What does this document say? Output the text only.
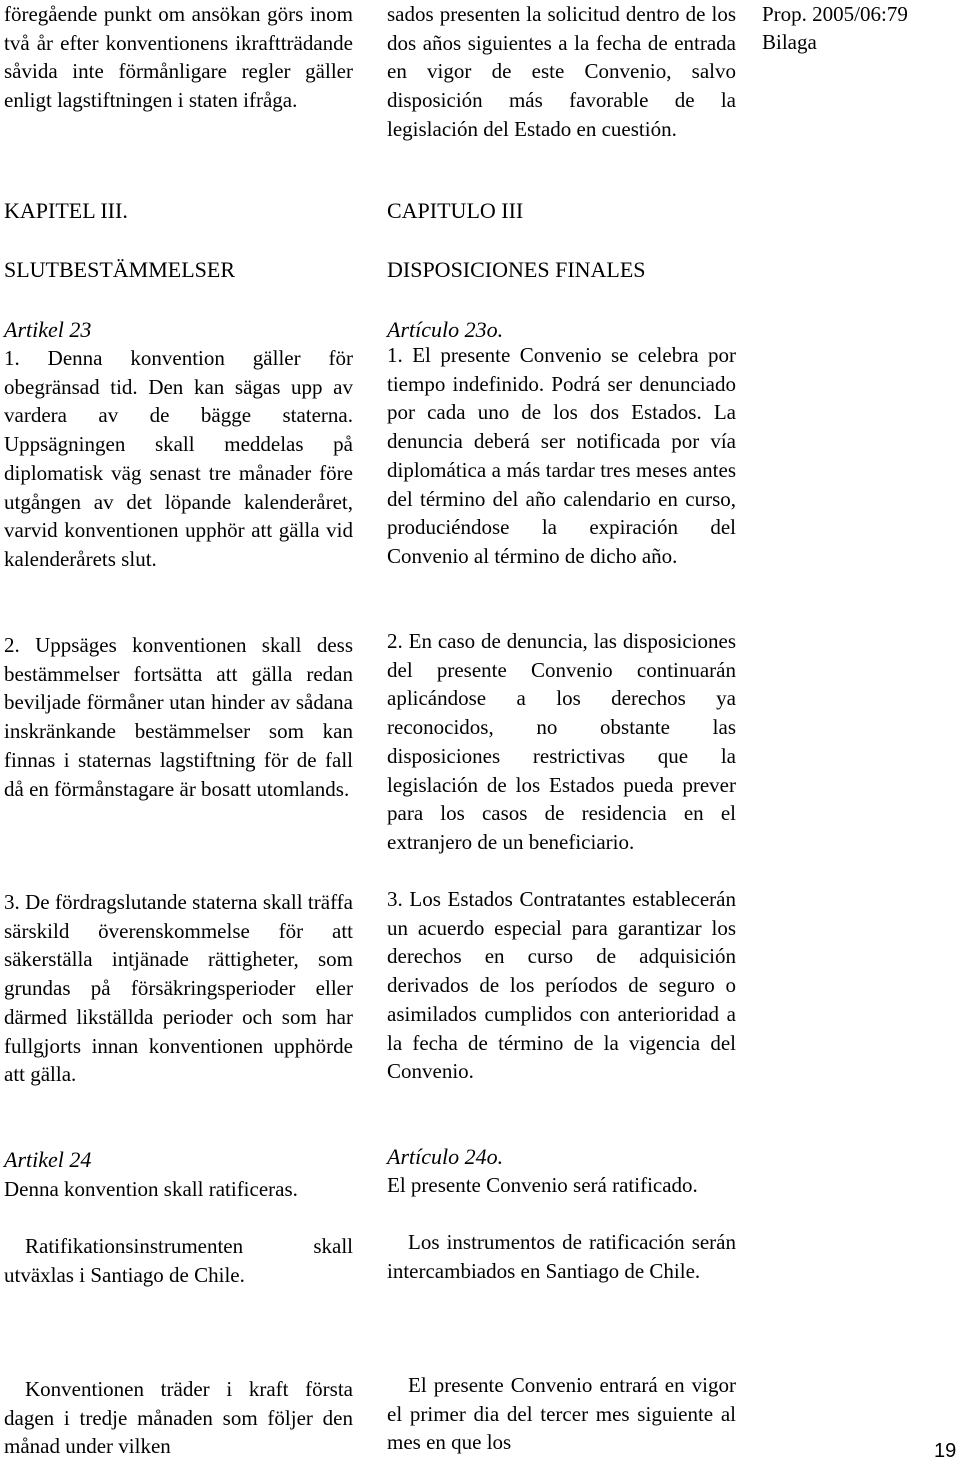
Prop. 2005/06:79
Bilaga

föregående punkt om ansökan görs inom två år efter konventionens ikraftträdande såvida inte förmånligare regler gäller enligt lagstiftningen i staten ifråga.

KAPITEL III.

SLUTBESTÄMMELSER

Artikel 23

1. Denna konvention gäller för obegränsad tid. Den kan sägas upp av vardera av de bägge staterna. Uppsägningen skall meddelas på diplomatisk väg senast tre månader före utgången av det löpande kalenderåret, varvid konventionen upphör att gälla vid kalenderårets slut.

2. Uppsäges konventionen skall dess bestämmelser fortsätta att gälla redan beviljade förmåner utan hinder av sådana inskränkande bestämmelser som kan finnas i staternas lagstiftning för de fall då en förmånstagare är bosatt utomlands.

3. De fördragslutande staterna skall träffa särskild överenskommelse för att säkerställa intjänade rättigheter, som grundas på försäkringsperioder eller därmed likställda perioder och som har fullgjorts innan konventionen upphörde att gälla.

Artikel 24

Denna konvention skall ratificeras.

Ratifikationsinstrumenten skall utväxlas i Santiago de Chile.

Konventionen träder i kraft första dagen i tredje månaden som följer den månad under vilken

sados presenten la solicitud dentro de los dos años siguientes a la fecha de entrada en vigor de este Convenio, salvo disposición más favorable de la legislación del Estado en cuestión.

CAPITULO III

DISPOSICIONES FINALES

Artículo 23o.

1. El presente Convenio se celebra por tiempo indefinido. Podrá ser denunciado por cada uno de los dos Estados. La denuncia deberá ser notificada por vía diplomática a más tardar tres meses antes del término del año calendario en curso, produciéndose la expiración del Convenio al término de dicho año.

2. En caso de denuncia, las disposiciones del presente Convenio continuarán aplicándose a los derechos ya reconocidos, no obstante las disposiciones restrictivas que la legislación de los Estados pueda prever para los casos de residencia en el extranjero de un beneficiario.

3. Los Estados Contratantes establecerán un acuerdo especial para garantizar los derechos en curso de adquisición derivados de los períodos de seguro o asimilados cumplidos con anterioridad a la fecha de término de la vigencia del Convenio.

Artículo 24o.

El presente Convenio será ratificado.

Los instrumentos de ratificación serán intercambiados en Santiago de Chile.

El presente Convenio entrará en vigor el primer dia del tercer mes siguiente al mes en que los	19
